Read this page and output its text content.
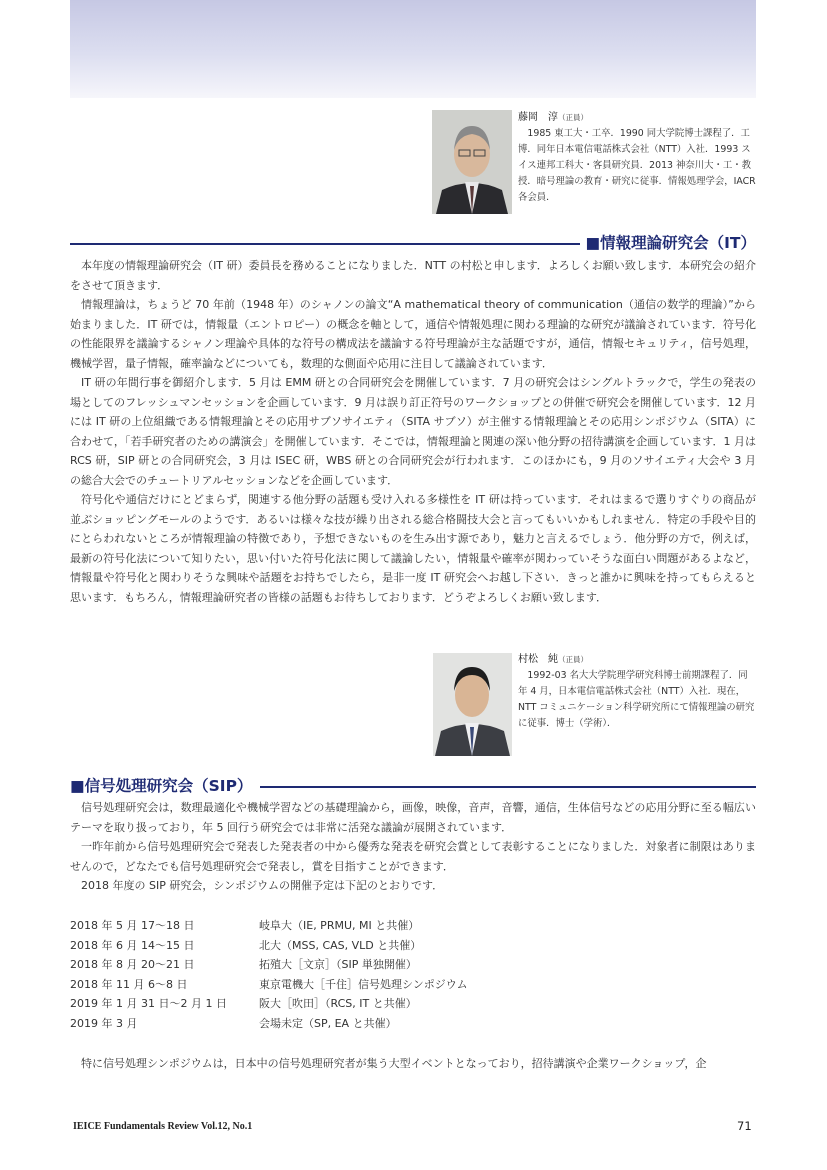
藤岡　淳（正員）

1985 東工大・工卒．1990 同大学院博士課程了．工博．同年日本電信電話株式会社（NTT）入社．1993 スイス連邦工科大・客員研究員．2013 神奈川大・工・教授．暗号理論の教育・研究に従事．情報処理学会，IACR 各会員．

■情報理論研究会（IT）

本年度の情報理論研究会（IT 研）委員長を務めることになりました．NTT の村松と申します．よろしくお願い致します．本研究会の紹介をさせて頂きます．

情報理論は，ちょうど 70 年前（1948 年）のシャノンの論文“A mathematical theory of communication（通信の数学的理論）”から始まりました．IT 研では，情報量（エントロピー）の概念を軸として，通信や情報処理に関わる理論的な研究が議論されています．符号化の性能限界を議論するシャノン理論や具体的な符号の構成法を議論する符号理論が主な話題ですが，通信，情報セキュリティ，信号処理，機械学習，量子情報，確率論などについても，数理的な側面や応用に注目して議論されています．

IT 研の年間行事を御紹介します．5 月は EMM 研との合同研究会を開催しています．7 月の研究会はシングルトラックで，学生の発表の場としてのフレッシュマンセッションを企画しています．9 月は誤り訂正符号のワークショップとの併催で研究会を開催しています．12 月には IT 研の上位組織である情報理論とその応用サブソサイエティ（SITA サブソ）が主催する情報理論とその応用シンポジウム（SITA）に合わせて，「若手研究者のための講演会」を開催しています．そこでは，情報理論と関連の深い他分野の招待講演を企画しています．1 月は RCS 研，SIP 研との合同研究会，3 月は ISEC 研，WBS 研との合同研究会が行われます．このほかにも，9 月のソサイエティ大会や 3 月の総合大会でのチュートリアルセッションなどを企画しています．

符号化や通信だけにとどまらず，関連する他分野の話題も受け入れる多様性を IT 研は持っています．それはまるで選りすぐりの商品が並ぶショッピングモールのようです．あるいは様々な技が繰り出される総合格闘技大会と言ってもいいかもしれません．特定の手段や目的にとらわれないところが情報理論の特徴であり，予想できないものを生み出す源であり，魅力と言えるでしょう．他分野の方で，例えば，最新の符号化法について知りたい，思い付いた符号化法に関して議論したい，情報量や確率が関わっていそうな面白い問題があるよなど，情報量や符号化と関わりそうな興味や話題をお持ちでしたら，是非一度 IT 研究会へお越し下さい．きっと誰かに興味を持ってもらえると思います．もちろん，情報理論研究者の皆様の話題もお待ちしております．どうぞよろしくお願い致します．

村松　純（正員）

1992-03 名大大学院理学研究科博士前期課程了．同年 4 月，日本電信電話株式会社（NTT）入社．現在，NTT コミュニケーション科学研究所にて情報理論の研究に従事．博士（学術）．

■信号処理研究会（SIP）

信号処理研究会は，数理最適化や機械学習などの基礎理論から，画像，映像，音声，音響，通信，生体信号などの応用分野に至る幅広いテーマを取り扱っており，年 5 回行う研究会では非常に活発な議論が展開されています．

一昨年前から信号処理研究会で発表した発表者の中から優秀な発表を研究会賞として表彰することになりました．対象者に制限はありませんので，どなたでも信号処理研究会で発表し，賞を目指すことができます．

2018 年度の SIP 研究会，シンポジウムの開催予定は下記のとおりです．

2018 年 5 月 17～18 日	岐阜大（IE, PRMU, MI と共催）
2018 年 6 月 14～15 日	北大（MSS, CAS, VLD と共催）
2018 年 8 月 20～21 日	拓殖大［文京］（SIP 単独開催）
2018 年 11 月 6～8 日	東京電機大［千住］信号処理シンポジウム
2019 年 1 月 31 日～2 月 1 日	阪大［吹田］（RCS, IT と共催）
2019 年 3 月	会場未定（SP, EA と共催）

特に信号処理シンポジウムは，日本中の信号処理研究者が集う大型イベントとなっており，招待講演や企業ワークショップ，企

IEICE Fundamentals Review Vol.12, No.1	71
